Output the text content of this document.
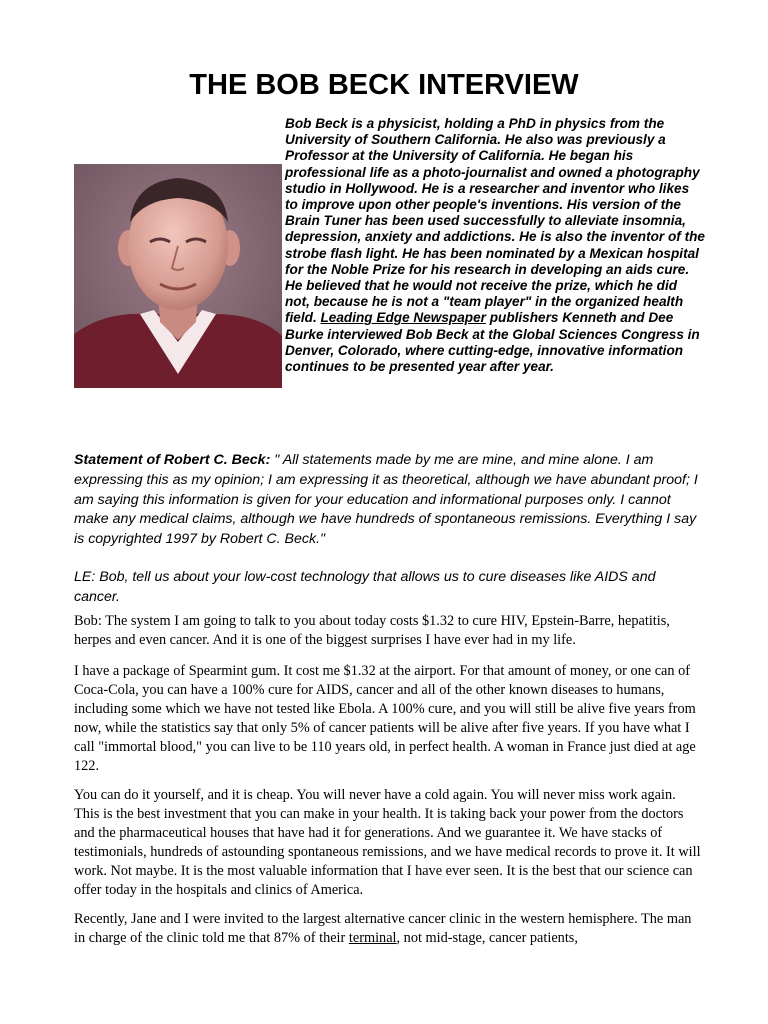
THE BOB BECK INTERVIEW

Bob Beck is a physicist, holding a PhD in physics from the University of Southern California. He also was previously a Professor at the University of California. He began his professional life as a photo-journalist and owned a photography studio in Hollywood. He is a researcher and inventor who likes to improve upon other people's inventions. His version of the Brain Tuner has been used successfully to alleviate insomnia, depression, anxiety and addictions. He is also the inventor of the strobe flash light. He has been nominated by a Mexican hospital for the Noble Prize for his research in developing an aids cure. He believed that he would not receive the prize, which he did not, because he is not a "team player" in the organized health field. Leading Edge Newspaper publishers Kenneth and Dee Burke interviewed Bob Beck at the Global Sciences Congress in Denver, Colorado, where cutting-edge, innovative information continues to be presented year after year.

Statement of Robert C. Beck: " All statements made by me are mine, and mine alone. I am expressing this as my opinion; I am expressing it as theoretical, although we have abundant proof; I am saying this information is given for your education and informational purposes only. I cannot make any medical claims, although we have hundreds of spontaneous remissions. Everything I say is copyrighted 1997 by Robert C. Beck."

LE: Bob, tell us about your low-cost technology that allows us to cure diseases like AIDS and cancer.

Bob: The system I am going to talk to you about today costs $1.32 to cure HIV, Epstein-Barre, hepatitis, herpes and even cancer. And it is one of the biggest surprises I have ever had in my life.

I have a package of Spearmint gum. It cost me $1.32 at the airport. For that amount of money, or one can of Coca-Cola, you can have a 100% cure for AIDS, cancer and all of the other known diseases to humans, including some which we have not tested like Ebola. A 100% cure, and you will still be alive five years from now, while the statistics say that only 5% of cancer patients will be alive after five years. If you have what I call "immortal blood," you can live to be 110 years old, in perfect health. A woman in France just died at age 122.

You can do it yourself, and it is cheap. You will never have a cold again. You will never miss work again. This is the best investment that you can make in your health. It is taking back your power from the doctors and the pharmaceutical houses that have had it for generations. And we guarantee it. We have stacks of testimonials, hundreds of astounding spontaneous remissions, and we have medical records to prove it. It will work. Not maybe. It is the most valuable information that I have ever seen. It is the best that our science can offer today in the hospitals and clinics of America.

Recently, Jane and I were invited to the largest alternative cancer clinic in the western hemisphere. The man in charge of the clinic told me that 87% of their terminal, not mid-stage, cancer patients,
